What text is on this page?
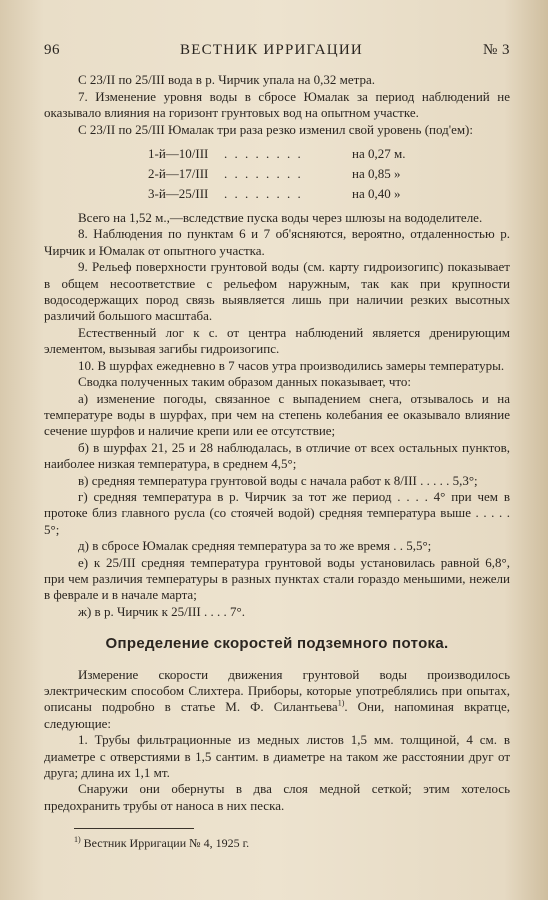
96	ВЕСТНИК ИРРИГАЦИИ	№ 3

С 23/II по 25/III вода в р. Чирчик упала на 0,32 метра.

7. Изменение уровня воды в сбросе Юмалак за период наблюдений не оказывало влияния на горизонт грунтовых вод на опытном участке.

С 23/II по 25/III Юмалак три раза резко изменил свой уровень (под'ем):

1-й—10/III	. . . . . . . .	на 0,27 м.
2-й—17/III	. . . . . . . .	на 0,85 »
3-й—25/III	. . . . . . . .	на 0,40 »

Всего на 1,52 м.,—вследствие пуска воды через шлюзы на вододелителе.

8. Наблюдения по пунктам 6 и 7 об'ясняются, вероятно, отдаленностью р. Чирчик и Юмалак от опытного участка.

9. Рельеф поверхности грунтовой воды (см. карту гидроизогипс) показывает в общем несоответствие с рельефом наружным, так как при крупности водосодержащих пород связь выявляется лишь при наличии резких высотных различий большого масштаба.

Естественный лог к с. от центра наблюдений является дренирующим элементом, вызывая загибы гидроизогипс.

10. В шурфах ежедневно в 7 часов утра производились замеры температуры.

Сводка полученных таким образом данных показывает, что:

а) изменение погоды, связанное с выпадением снега, отзывалось и на температуре воды в шурфах, при чем на степень колебания ее оказывало влияние сечение шурфов и наличие крепи или ее отсутствие;

б) в шурфах 21, 25 и 28 наблюдалась, в отличие от всех остальных пунктов, наиболее низкая температура, в среднем 4,5°;

в) средняя температура грунтовой воды с начала работ к 8/III . . . . . 5,3°;

г) средняя температура в р. Чирчик за тот же период . . . . 4° при чем в протоке близ главного русла (со стоячей водой) средняя температура выше . . . . . 5°;

д) в сбросе Юмалак средняя температура за то же время . . 5,5°;

е) к 25/III средняя температура грунтовой воды установилась равной 6,8°, при чем различия температуры в разных пунктах стали гораздо меньшими, нежели в феврале и в начале марта;

ж) в р. Чирчик к 25/III . . . . 7°.

Определение скоростей подземного потока.

Измерение скорости движения грунтовой воды производилось электрическим способом Слихтера. Приборы, которые употреблялись при опытах, описаны подробно в статье М. Ф. Силантьева$^{1)}$. Они, напоминая вкратце, следующие:

1. Трубы фильтрационные из медных листов 1,5 мм. толщиной, 4 см. в диаметре с отверстиями в 1,5 сантим. в диаметре на таком же расстоянии друг от друга; длина их 1,1 мт.

Снаружи они обернуты в два слоя медной сеткой; этим хотелось предохранить трубы от наноса в них песка.

$^{1)}$ Вестник Ирригации № 4, 1925 г.
